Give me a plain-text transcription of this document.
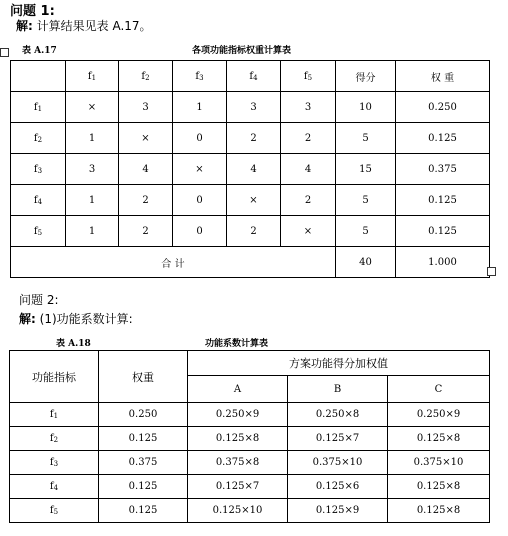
问题 1:
解: 计算结果见表 A.17。
表 A.17	各项功能指标权重计算表
	f1	f2	f3	f4	f5	得分	权 重
f1	×	3	1	3	3	10	0.250
f2	1	×	0	2	2	5	0.125
f3	3	4	×	4	4	15	0.375
f4	1	2	0	×	2	5	0.125
f5	1	2	0	2	×	5	0.125
合 计						40	1.000
问题 2:
解: (1)功能系数计算:
表 A.18	功能系数计算表
功能指标	权重	方案功能得分加权值		
		A	B	C
f1	0.250	0.250×9	0.250×8	0.250×9
f2	0.125	0.125×8	0.125×7	0.125×8
f3	0.375	0.375×8	0.375×10	0.375×10
f4	0.125	0.125×7	0.125×6	0.125×8
f5	0.125	0.125×10	0.125×9	0.125×8
